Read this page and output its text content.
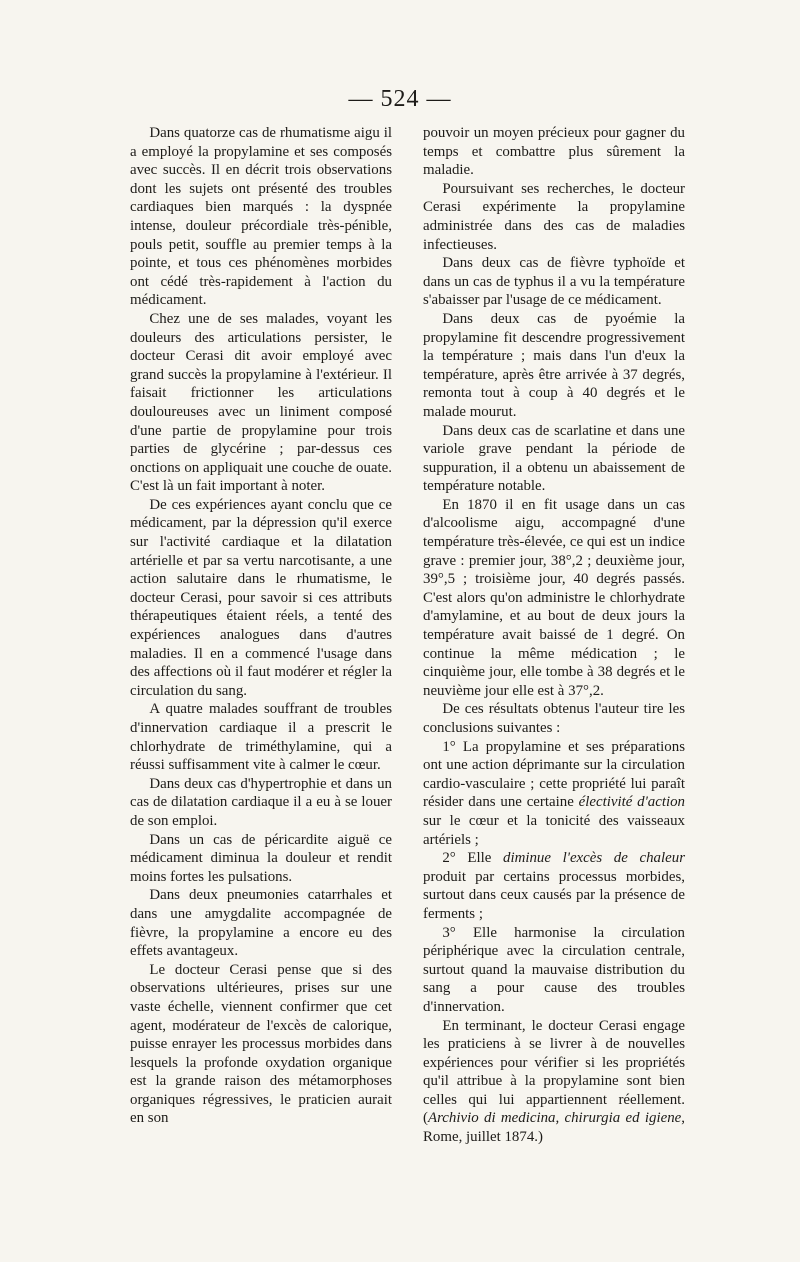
— 524 —

Dans quatorze cas de rhumatisme aigu il a employé la propylamine et ses composés avec succès. Il en décrit trois observations dont les sujets ont présenté des troubles cardiaques bien marqués : la dyspnée intense, douleur précordiale très-pénible, pouls petit, souffle au premier temps à la pointe, et tous ces phénomènes morbides ont cédé très-rapidement à l'action du médicament.

Chez une de ses malades, voyant les douleurs des articulations persister, le docteur Cerasi dit avoir employé avec grand succès la propylamine à l'extérieur. Il faisait frictionner les articulations douloureuses avec un liniment composé d'une partie de propylamine pour trois parties de glycérine ; par-dessus ces onctions on appliquait une couche de ouate. C'est là un fait important à noter.

De ces expériences ayant conclu que ce médicament, par la dépression qu'il exerce sur l'activité cardiaque et la dilatation artérielle et par sa vertu narcotisante, a une action salutaire dans le rhumatisme, le docteur Cerasi, pour savoir si ces attributs thérapeutiques étaient réels, a tenté des expériences analogues dans d'autres maladies. Il en a commencé l'usage dans des affections où il faut modérer et régler la circulation du sang.

A quatre malades souffrant de troubles d'innervation cardiaque il a prescrit le chlorhydrate de triméthylamine, qui a réussi suffisamment vite à calmer le cœur.

Dans deux cas d'hypertrophie et dans un cas de dilatation cardiaque il a eu à se louer de son emploi.

Dans un cas de péricardite aiguë ce médicament diminua la douleur et rendit moins fortes les pulsations.

Dans deux pneumonies catarrhales et dans une amygdalite accompagnée de fièvre, la propylamine a encore eu des effets avantageux.

Le docteur Cerasi pense que si des observations ultérieures, prises sur une vaste échelle, viennent confirmer que cet agent, modérateur de l'excès de calorique, puisse enrayer les processus morbides dans lesquels la profonde oxydation organique est la grande raison des métamorphoses organiques régressives, le praticien aurait en son

pouvoir un moyen précieux pour gagner du temps et combattre plus sûrement la maladie.

Poursuivant ses recherches, le docteur Cerasi expérimente la propylamine administrée dans des cas de maladies infectieuses.

Dans deux cas de fièvre typhoïde et dans un cas de typhus il a vu la température s'abaisser par l'usage de ce médicament.

Dans deux cas de pyoémie la propylamine fit descendre progressivement la température ; mais dans l'un d'eux la température, après être arrivée à 37 degrés, remonta tout à coup à 40 degrés et le malade mourut.

Dans deux cas de scarlatine et dans une variole grave pendant la période de suppuration, il a obtenu un abaissement de température notable.

En 1870 il en fit usage dans un cas d'alcoolisme aigu, accompagné d'une température très-élevée, ce qui est un indice grave : premier jour, 38°,2 ; deuxième jour, 39°,5 ; troisième jour, 40 degrés passés. C'est alors qu'on administre le chlorhydrate d'amylamine, et au bout de deux jours la température avait baissé de 1 degré. On continue la même médication ; le cinquième jour, elle tombe à 38 degrés et le neuvième jour elle est à 37°,2.

De ces résultats obtenus l'auteur tire les conclusions suivantes :

1° La propylamine et ses préparations ont une action déprimante sur la circulation cardio-vasculaire ; cette propriété lui paraît résider dans une certaine électivité d'action sur le cœur et la tonicité des vaisseaux artériels ;

2° Elle diminue l'excès de chaleur produit par certains processus morbides, surtout dans ceux causés par la présence de ferments ;

3° Elle harmonise la circulation périphérique avec la circulation centrale, surtout quand la mauvaise distribution du sang a pour cause des troubles d'innervation.

En terminant, le docteur Cerasi engage les praticiens à se livrer à de nouvelles expériences pour vérifier si les propriétés qu'il attribue à la propylamine sont bien celles qui lui appartiennent réellement. (Archivio di medicina, chirurgia ed igiene, Rome, juillet 1874.)
